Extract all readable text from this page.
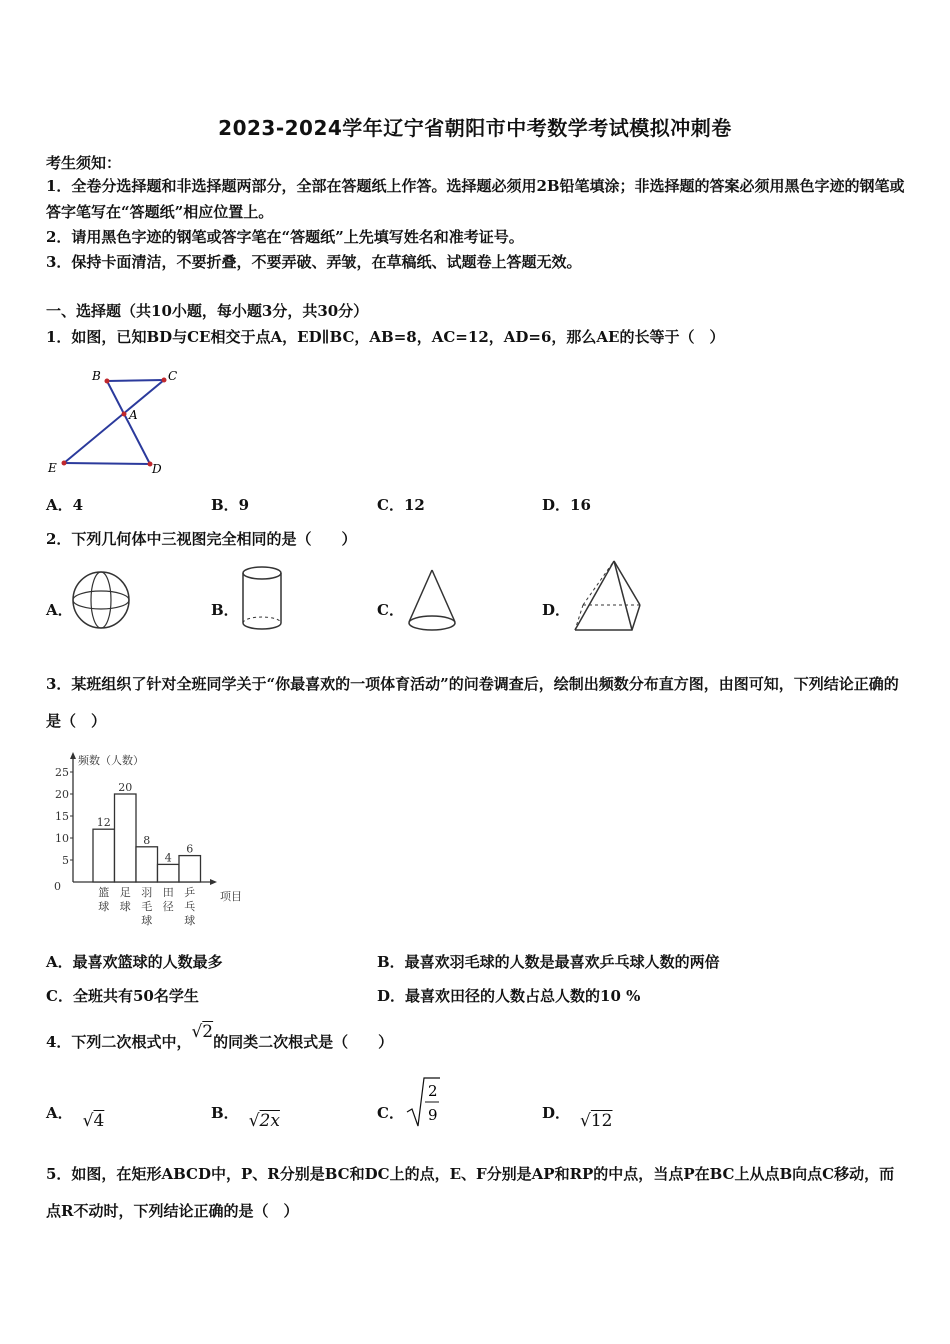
2023-2024学年辽宁省朝阳市中考数学考试模拟冲刺卷
考生须知：
1．全卷分选择题和非选择题两部分，全部在答题纸上作答。选择题必须用2B铅笔填涂；非选择题的答案必须用黑色字迹的钢笔或答字笔写在“答题纸”相应位置上。
2．请用黑色字迹的钢笔或答字笔在“答题纸”上先填写姓名和准考证号。
3．保持卡面清洁，不要折叠，不要弄破、弄皱，在草稿纸、试题卷上答题无效。
一、选择题（共10小题，每小题3分，共30分）
1．如图，已知BD与CE相交于点A，ED∥BC，AB=8，AC=12，AD=6，那么AE的长等于（　）
B	C
A
E	D
A．4	B．9	C．12	D．16
2．下列几何体中三视图完全相同的是（　　）
A．	B．	C．	D．
3．某班组织了针对全班同学关于“你最喜欢的一项体育活动”的问卷调查后，绘制出频数分布直方图，由图可知，下列结论正确的是（　）
频数（人数）
项目
0
5
10
15
20
25
12
篮
球
20
足
球
8
羽
毛
球
4
田
径
6
乒
乓
球
A．最喜欢篮球的人数最多	B．最喜欢羽毛球的人数是最喜欢乒乓球人数的两倍
C．全班共有50名学生	D．最喜欢田径的人数占总人数的10 %
4．下列二次根式中，√2的同类二次根式是（　　）
A． √4	B． √2x	C．
2
9	D． √12
5．如图，在矩形ABCD中，P、R分别是BC和DC上的点，E、F分别是AP和RP的中点，当点P在BC上从点B向点C移动，而点R不动时，下列结论正确的是（　）
